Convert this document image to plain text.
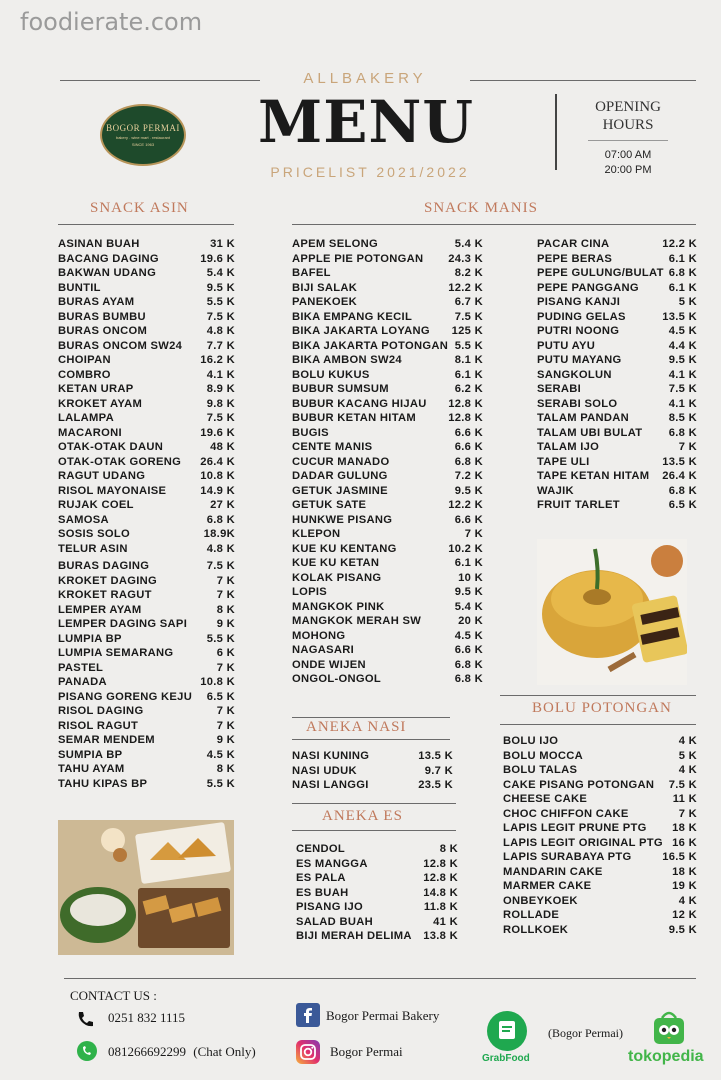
foodierate.com
ALLBAKERY
MENU
PRICELIST 2021/2022
BOGOR PERMAI
bakery . wine mart . restaurant
SINCE 1963
OPENING
HOURS
07:00 AM
20:00 PM
SNACK ASIN
ASINAN BUAH	31 K
BACANG DAGING	19.6 K
BAKWAN UDANG	5.4 K
BUNTIL	9.5 K
BURAS AYAM	5.5 K
BURAS BUMBU	7.5 K
BURAS ONCOM	4.8 K
BURAS ONCOM SW24 7.7 K
CHOIPAN	16.2 K
COMBRO	4.1 K
KETAN URAP	8.9 K
KROKET AYAM	9.8 K
LALAMPA	7.5 K
MACARONI	19.6 K
OTAK-OTAK DAUN	48 K
OTAK-OTAK GORENG 26.4 K
RAGUT UDANG	10.8 K
RISOL MAYONAISE	14.9 K
RUJAK COEL	27 K
SAMOSA	6.8 K
SOSIS SOLO	18.9K
TELUR ASIN	4.8 K
BURAS DAGING	7.5 K
KROKET DAGING	7 K
KROKET RAGUT	7 K
LEMPER AYAM	8 K
LEMPER DAGING SAPI	9 K
LUMPIA BP	5.5 K
LUMPIA SEMARANG	6 K
PASTEL	7 K
PANADA	10.8 K
PISANG GORENG KEJU 6.5 K
RISOL DAGING	7 K
RISOL RAGUT	7 K
SEMAR MENDEM	9 K
SUMPIA BP	4.5 K
TAHU AYAM	8 K
TAHU KIPAS BP	5.5 K
SNACK MANIS
APEM SELONG	5.4 K
APPLE PIE POTONGAN 24.3 K
BAFEL	8.2 K
BIJI SALAK	12.2 K
PANEKOEK	6.7 K
BIKA EMPANG KECIL	7.5 K
BIKA JAKARTA LOYANG 125 K
BIKA JAKARTA POTONGAN 5.5 K
BIKA AMBON SW24	8.1 K
BOLU KUKUS	6.1 K
BUBUR SUMSUM	6.2 K
BUBUR KACANG HIJAU 12.8 K
BUBUR KETAN HITAM	12.8 K
BUGIS	6.6 K
CENTE MANIS	6.6 K
CUCUR MANADO	6.8 K
DADAR GULUNG	7.2 K
GETUK JASMINE	9.5 K
GETUK SATE	12.2 K
HUNKWE PISANG	6.6 K
KLEPON	7 K
KUE KU KENTANG	10.2 K
KUE KU KETAN	6.1 K
KOLAK PISANG	10 K
LOPIS	9.5 K
MANGKOK PINK	5.4 K
MANGKOK MERAH SW	20 K
MOHONG	4.5 K
NAGASARI	6.6 K
ONDE WIJEN	6.8 K
ONGOL-ONGOL	6.8 K
PACAR CINA	12.2 K
PEPE BERAS	6.1 K
PEPE GULUNG/BULAT 6.8 K
PEPE PANGGANG	6.1 K
PISANG KANJI	5 K
PUDING GELAS	13.5 K
PUTRI NOONG	4.5 K
PUTU AYU	4.4 K
PUTU MAYANG	9.5 K
SANGKOLUN	4.1 K
SERABI	7.5 K
SERABI SOLO	4.1 K
TALAM PANDAN	8.5 K
TALAM UBI BULAT 6.8 K
TALAM IJO	7 K
TAPE ULI	13.5 K
TAPE KETAN HITAM 26.4 K
WAJIK	6.8 K
FRUIT TARLET	6.5 K
ANEKA NASI
NASI KUNING	13.5 K
NASI UDUK	9.7 K
NASI LANGGI	23.5 K
ANEKA ES
CENDOL	8 K
ES MANGGA	12.8 K
ES PALA	12.8 K
ES BUAH	14.8 K
PISANG IJO	11.8 K
SALAD BUAH	41 K
BIJI MERAH DELIMA 13.8 K
BOLU POTONGAN
BOLU IJO	4 K
BOLU MOCCA	5 K
BOLU TALAS	4 K
CAKE PISANG POTONGAN 7.5 K
CHEESE CAKE	11 K
CHOC CHIFFON CAKE	7 K
LAPIS LEGIT PRUNE PTG 18 K
LAPIS LEGIT ORIGINAL PTG 16 K
LAPIS SURABAYA PTG	16.5 K
MANDARIN CAKE	18 K
MARMER CAKE	19 K
ONBEYKOEK	4 K
ROLLADE	12 K
ROLLKOEK	9.5 K
CONTACT US :
0251 832 1115
081266692299 (Chat Only)
Bogor Permai Bakery
Bogor Permai	GrabFood
(Bogor Permai)
tokopedia
